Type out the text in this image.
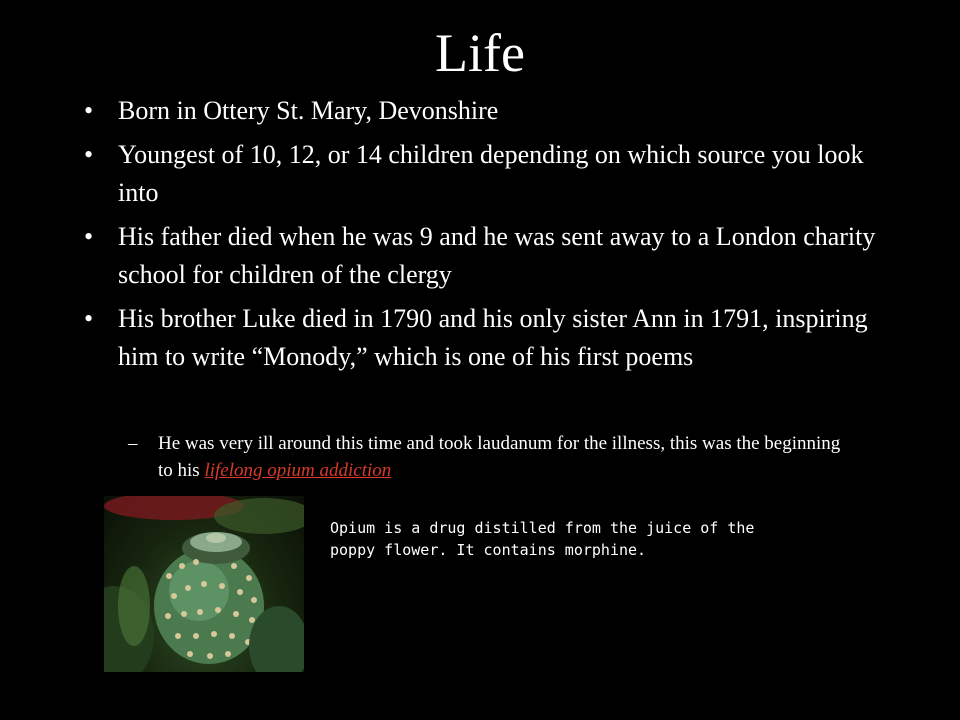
Life
• Born in Ottery St. Mary, Devonshire
• Youngest of 10, 12, or 14 children depending on which source you look into
• His father died when he was 9 and he was sent away to a London charity school for children of the clergy
• His brother Luke died in 1790 and his only sister Ann in 1791, inspiring him to write “Monody,” which is one of his first poems
–	He was very ill around this time and took laudanum for the illness, this was the beginning to his lifelong opium addiction
Opium is a drug distilled from the juice of the poppy flower. It contains morphine.
